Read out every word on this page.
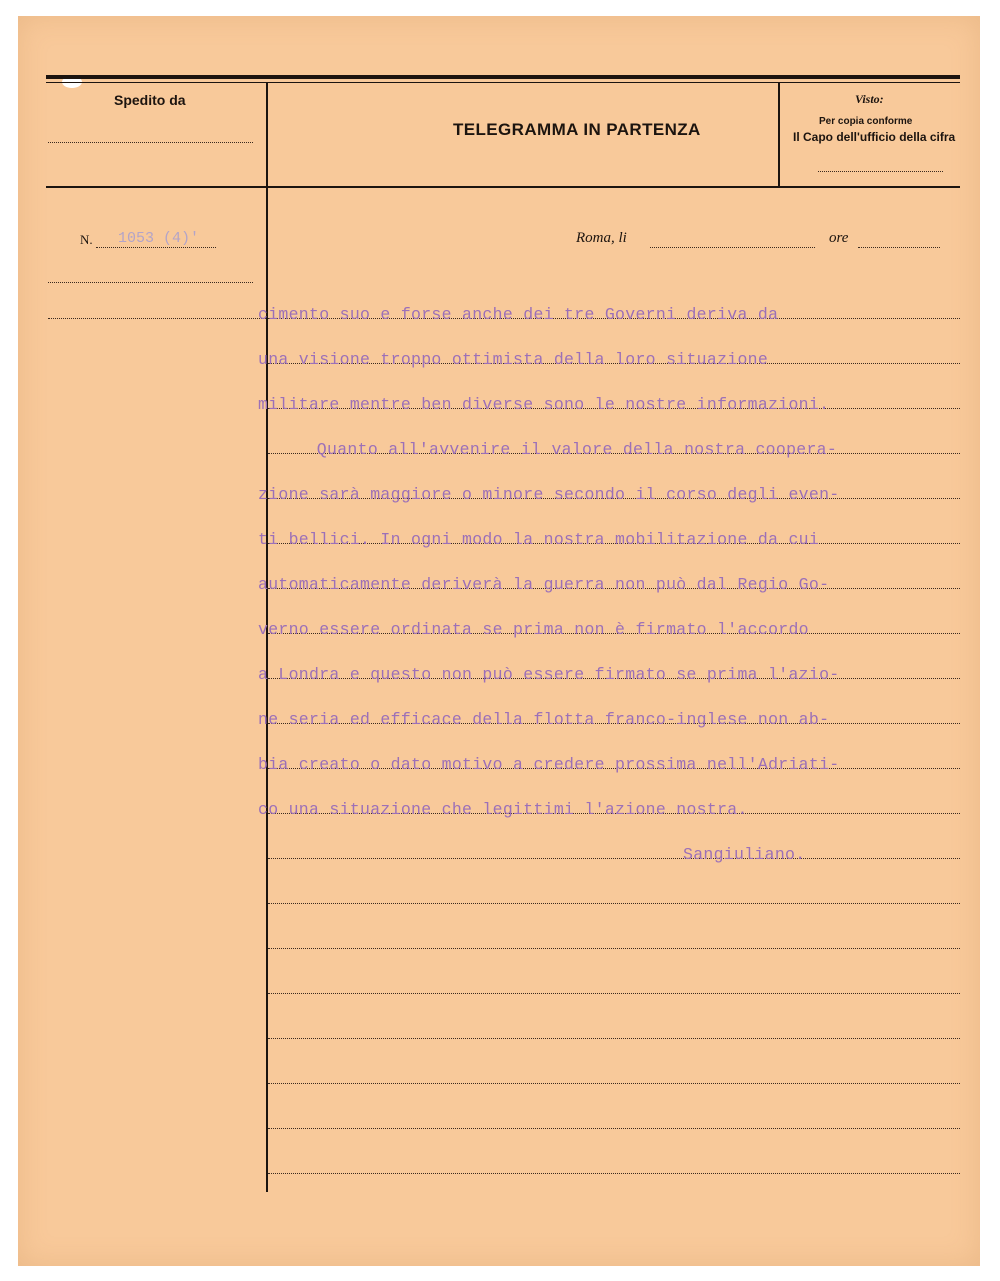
Spedito da
TELEGRAMMA IN PARTENZA
Visto:
Per copia conforme
Il Capo dell'ufficio della cifra
N. 1053 (4)'	Roma, li	ore
cimento suo e forse anche dei tre Governi deriva da
una visione troppo ottimista della loro situazione
militare mentre ben diverse sono le nostre informazioni.
Quanto all'avvenire il valore della nostra coopera-
zione sarà maggiore o minore secondo il corso degli even-
ti bellici. In ogni modo la nostra mobilitazione da cui
automaticamente deriverà la guerra non può dal Regio Go-
verno essere ordinata se prima non è firmato l'accordo
a Londra e questo non può essere firmato se prima l'azio-
ne seria ed efficace della flotta franco-inglese non ab-
bia creato o dato motivo a credere prossima nell'Adriati-
co una situazione che legittimi l'azione nostra.
Sangiuliano.
